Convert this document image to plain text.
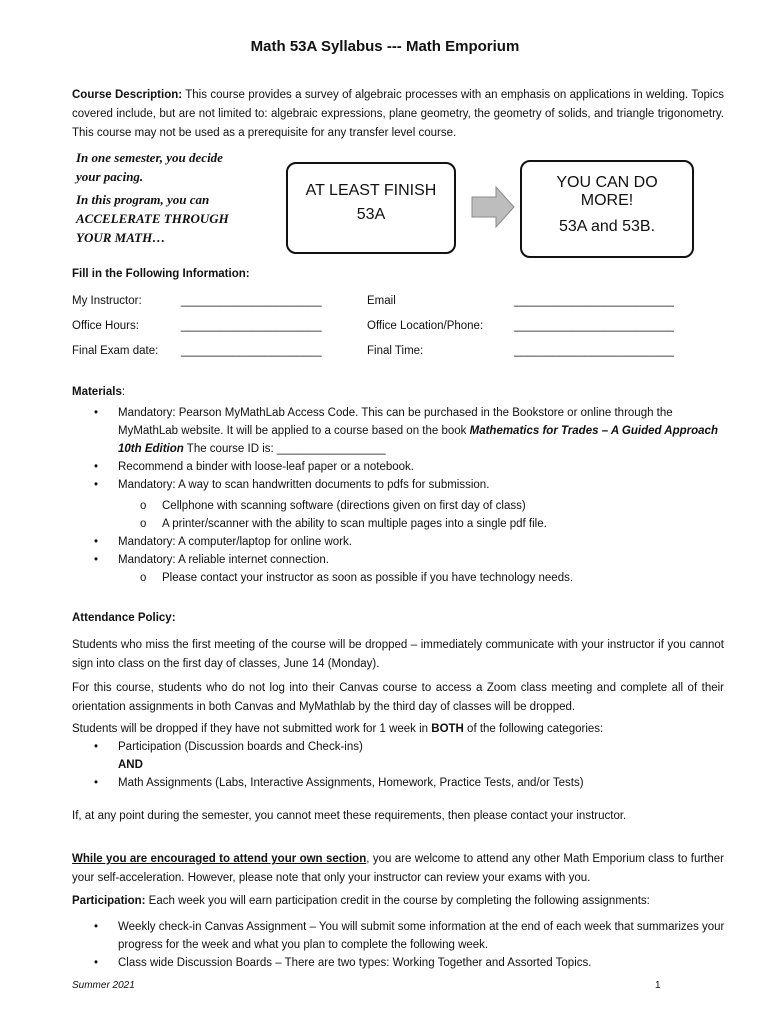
Math 53A Syllabus --- Math Emporium
Course Description: This course provides a survey of algebraic processes with an emphasis on applications in welding. Topics covered include, but are not limited to: algebraic expressions, plane geometry, the geometry of solids, and triangle trigonometry. This course may not be used as a prerequisite for any transfer level course.
In one semester, you decide
your pacing.
In this program, you can
ACCELERATE THROUGH
YOUR MATH…
AT LEAST FINISH
53A
YOU CAN DO
MORE!
53A and 53B.
Fill in the Following Information:
My Instructor:	______________________	Email	_________________________
Office Hours:	______________________	Office Location/Phone:	_________________________
Final Exam date: ______________________	Final Time:	_________________________
Materials:
• Mandatory: Pearson MyMathLab Access Code. This can be purchased in the Bookstore or online through the MyMathLab website. It will be applied to a course based on the book Mathematics for Trades – A Guided Approach 10th Edition The course ID is: _________________
• Recommend a binder with loose-leaf paper or a notebook.
• Mandatory: A way to scan handwritten documents to pdfs for submission.
o Cellphone with scanning software (directions given on first day of class)
o A printer/scanner with the ability to scan multiple pages into a single pdf file.
• Mandatory: A computer/laptop for online work.
• Mandatory: A reliable internet connection.
o Please contact your instructor as soon as possible if you have technology needs.
Attendance Policy:
Students who miss the first meeting of the course will be dropped – immediately communicate with your instructor if you cannot sign into class on the first day of classes, June 14 (Monday).
For this course, students who do not log into their Canvas course to access a Zoom class meeting and complete all of their orientation assignments in both Canvas and MyMathlab by the third day of classes will be dropped.
Students will be dropped if they have not submitted work for 1 week in BOTH of the following categories:
• Participation (Discussion boards and Check-ins)
AND
• Math Assignments (Labs, Interactive Assignments, Homework, Practice Tests, and/or Tests)
If, at any point during the semester, you cannot meet these requirements, then please contact your instructor.
While you are encouraged to attend your own section, you are welcome to attend any other Math Emporium class to further your self-acceleration. However, please note that only your instructor can review your exams with you.
Participation: Each week you will earn participation credit in the course by completing the following assignments:
• Weekly check-in Canvas Assignment – You will submit some information at the end of each week that summarizes your progress for the week and what you plan to complete the following week.
• Class wide Discussion Boards – There are two types: Working Together and Assorted Topics.
Summer 2021	1
